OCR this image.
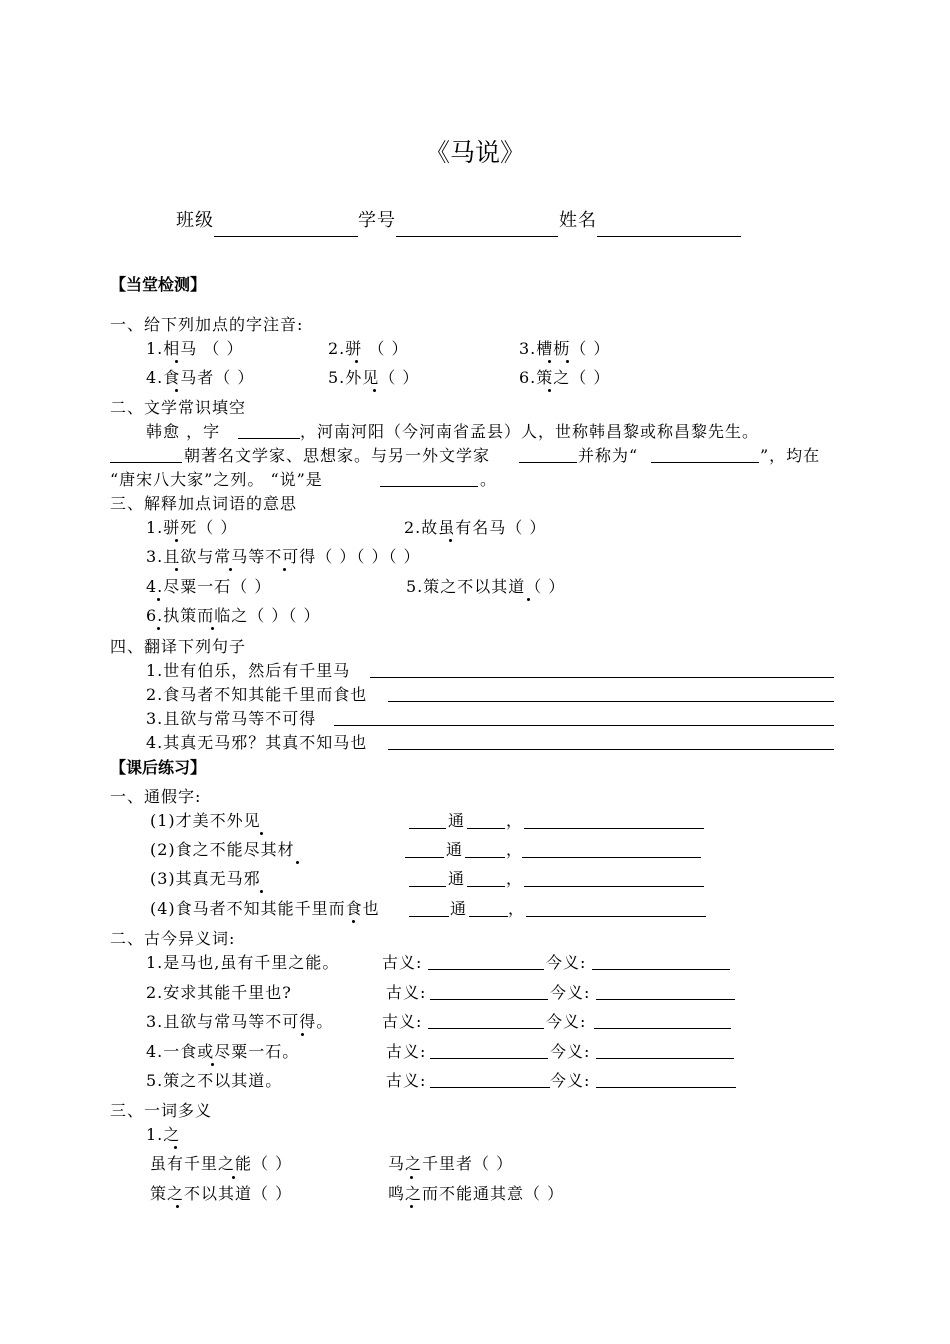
《马说》
班级	学号	姓名
【当堂检测】
一、给下列加点的字注音:
1.相马 （ ）	2.骈 （ ）	3.槽枥（ ）
4.食马者（ ）	5.外见（ ）	6.策之（ ）
二、文学常识填空
韩愈 ，字	，河南河阳（今河南省孟县）人，世称韩昌黎或称昌黎先生。
朝著名文学家、思想家。与另一外文学家	并称为“	”，均在
“唐宋八大家”之列。 “说”是	。
三、解释加点词语的意思
1.骈死（ ）	2.故虽有名马（ ）
3.且欲与常马等不可得（ ）（ ）（ ）
4.尽粟一石（ ）	5.策之不以其道（ ）
6.执策而临之（ ）（ ）
四、翻译下列句子
1.世有伯乐，然后有千里马
2.食马者不知其能千里而食也
3.且欲与常马等不可得
4.其真无马邪？其真不知马也
【课后练习】
一、通假字:
(1)才美不外见	通	，
(2)食之不能尽其材	通	，
(3)其真无马邪	通	，
(4)食马者不知其能千里而食也	通	，
二、古今异义词:
1.是马也,虽有千里之能。	古义:	今义:
2.安求其能千里也?	古义:	今义:
3.且欲与常马等不可得。	古义:	今义:
4.一食或尽粟一石。	古义:	今义:
5.策之不以其道。	古义:	今义:
三、一词多义
1.之
虽有千里之能（ ）	马之千里者（ ）
策之不以其道（ ）	鸣之而不能通其意（ ）
